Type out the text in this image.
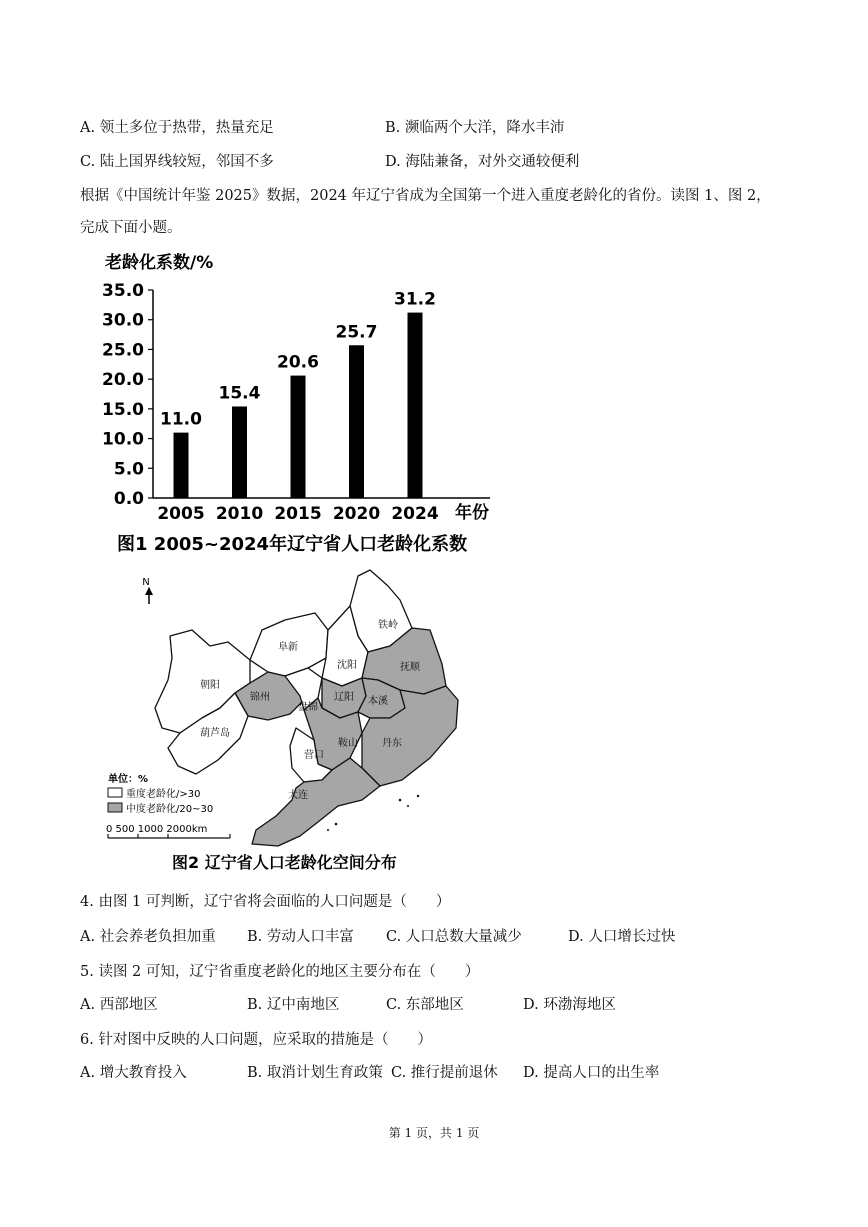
A. 领土多位于热带，热量充足	B. 濒临两个大洋，降水丰沛
C. 陆上国界线较短，邻国不多	D. 海陆兼备，对外交通较便利
根据《中国统计年鉴 2025》数据，2024 年辽宁省成为全国第一个进入重度老龄化的省份。读图 1、图 2，
完成下面小题。
老龄化系数/%
0.0
5.0
10.0
15.0
20.0
25.0
30.0
35.0
11.0
15.4
20.6
25.7
31.2
2005 2010 2015 2020 2024 年份
图1 2005~2024年辽宁省人口老龄化系数
N
朝阳
阜新
铁岭
沈阳	抚顺
锦州
盘锦
辽阳 本溪
葫芦岛
鞍山 丹东
营口
大连
单位：%
重度老龄化/>30
中度老龄化/20~30
0 500 1000 2000km
图2 辽宁省人口老龄化空间分布
4. 由图 1 可判断，辽宁省将会面临的人口问题是（　　）
A. 社会养老负担加重 B. 劳动人口丰富 C. 人口总数大量减少	D. 人口增长过快
5. 读图 2 可知，辽宁省重度老龄化的地区主要分布在（　　）
A. 西部地区	B. 辽中南地区	C. 东部地区	D. 环渤海地区
6. 针对图中反映的人口问题，应采取的措施是（　　）
A. 增大教育投入	B. 取消计划生育政策 C. 推行提前退休 D. 提高人口的出生率
第 1 页，共 1 页
